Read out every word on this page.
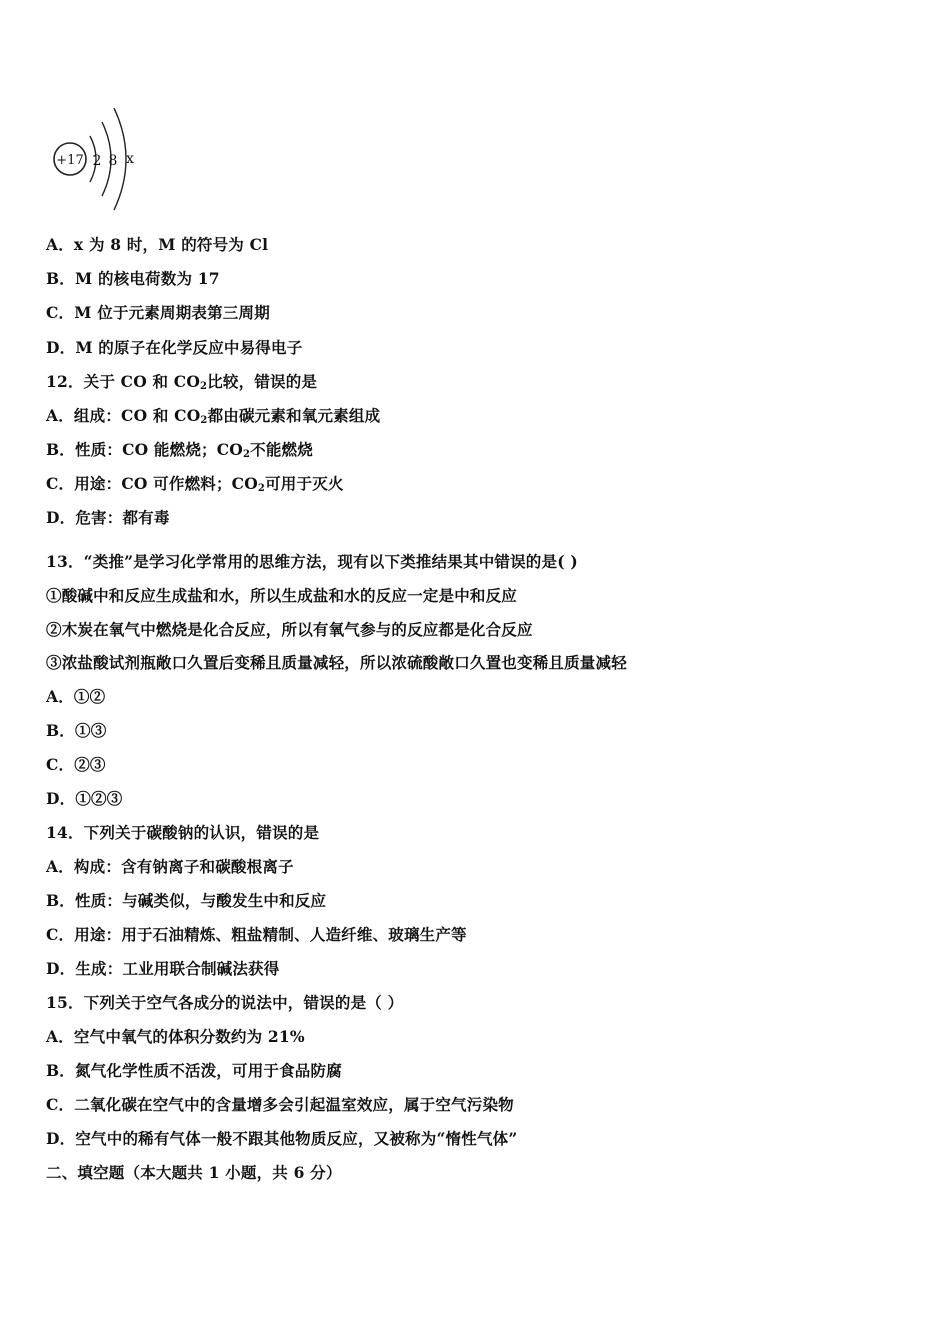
+17 2 8 x
A．x 为 8 时，M 的符号为 Cl
B．M 的核电荷数为 17
C．M 位于元素周期表第三周期
D．M 的原子在化学反应中易得电子
12．关于 CO 和 $CO_2$比较，错误的是
A．组成：CO 和 $CO_2$都由碳元素和氧元素组成
B．性质：CO 能燃烧；$CO_2$不能燃烧
C．用途：CO 可作燃料；$CO_2$可用于灭火
D．危害：都有毒
13．“类推”是学习化学常用的思维方法，现有以下类推结果其中错误的是( )
①酸碱中和反应生成盐和水，所以生成盐和水的反应一定是中和反应
②木炭在氧气中燃烧是化合反应，所以有氧气参与的反应都是化合反应
③浓盐酸试剂瓶敞口久置后变稀且质量减轻，所以浓硫酸敞口久置也变稀且质量减轻
A．①②
B．①③
C．②③
D．①②③
14．下列关于碳酸钠的认识，错误的是
A．构成：含有钠离子和碳酸根离子
B．性质：与碱类似，与酸发生中和反应
C．用途：用于石油精炼、粗盐精制、人造纤维、玻璃生产等
D．生成：工业用联合制碱法获得
15．下列关于空气各成分的说法中，错误的是（ ）
A．空气中氧气的体积分数约为 21%
B．氮气化学性质不活泼，可用于食品防腐
C．二氧化碳在空气中的含量增多会引起温室效应，属于空气污染物
D．空气中的稀有气体一般不跟其他物质反应，又被称为“惰性气体”
二、填空题（本大题共 1 小题，共 6 分）
